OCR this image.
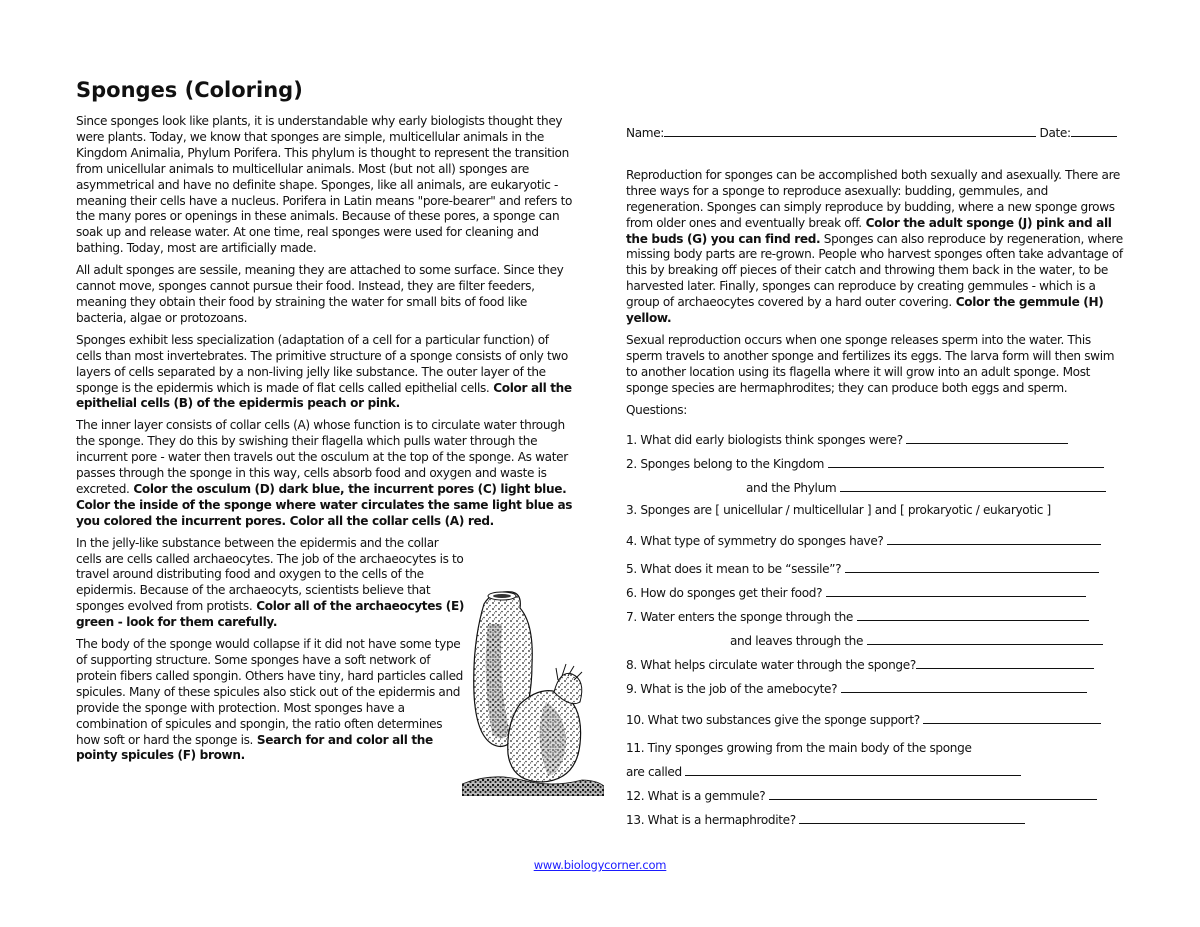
Sponges (Coloring)

Since sponges look like plants, it is understandable why early biologists thought they were plants. Today, we know that sponges are simple, multicellular animals in the Kingdom Animalia, Phylum Porifera. This phylum is thought to represent the transition from unicellular animals to multicellular animals. Most (but not all) sponges are asymmetrical and have no definite shape. Sponges, like all animals, are eukaryotic - meaning their cells have a nucleus. Porifera in Latin means "pore-bearer" and refers to the many pores or openings in these animals. Because of these pores, a sponge can soak up and release water. At one time, real sponges were used for cleaning and bathing. Today, most are artificially made.

All adult sponges are sessile, meaning they are attached to some surface. Since they cannot move, sponges cannot pursue their food. Instead, they are filter feeders, meaning they obtain their food by straining the water for small bits of food like bacteria, algae or protozoans.

Sponges exhibit less specialization (adaptation of a cell for a particular function) of cells than most invertebrates. The primitive structure of a sponge consists of only two layers of cells separated by a non-living jelly like substance. The outer layer of the sponge is the epidermis which is made of flat cells called epithelial cells. Color all the epithelial cells (B) of the epidermis peach or pink.

The inner layer consists of collar cells (A) whose function is to circulate water through the sponge. They do this by swishing their flagella which pulls water through the incurrent pore - water then travels out the osculum at the top of the sponge. As water passes through the sponge in this way, cells absorb food and oxygen and waste is excreted. Color the osculum (D) dark blue, the incurrent pores (C) light blue. Color the inside of the sponge where water circulates the same light blue as you colored the incurrent pores. Color all the collar cells (A) red.

In the jelly-like substance between the epidermis and the collar cells are cells called archaeocytes. The job of the archaeocytes is to travel around distributing food and oxygen to the cells of the epidermis. Because of the archaeocyts, scientists believe that sponges evolved from protists. Color all of the archaeocytes (E) green - look for them carefully.

The body of the sponge would collapse if it did not have some type of supporting structure. Some sponges have a soft network of protein fibers called spongin. Others have tiny, hard particles called spicules. Many of these spicules also stick out of the epidermis and provide the sponge with protection. Most sponges have a combination of spicules and spongin, the ratio often determines how soft or hard the sponge is. Search for and color all the pointy spicules (F) brown.

Name:	Date:

Reproduction for sponges can be accomplished both sexually and asexually. There are three ways for a sponge to reproduce asexually: budding, gemmules, and regeneration. Sponges can simply reproduce by budding, where a new sponge grows from older ones and eventually break off. Color the adult sponge (J) pink and all the buds (G) you can find red. Sponges can also reproduce by regeneration, where missing body parts are re-grown. People who harvest sponges often take advantage of this by breaking off pieces of their catch and throwing them back in the water, to be harvested later. Finally, sponges can reproduce by creating gemmules - which is a group of archaeocytes covered by a hard outer covering. Color the gemmule (H) yellow.

Sexual reproduction occurs when one sponge releases sperm into the water. This sperm travels to another sponge and fertilizes its eggs. The larva form will then swim to another location using its flagella where it will grow into an adult sponge. Most sponge species are hermaphrodites; they can produce both eggs and sperm.

Questions:

1. What did early biologists think sponges were?
2. Sponges belong to the Kingdom
and the Phylum
3. Sponges are [ unicellular / multicellular ] and [ prokaryotic / eukaryotic ]
4. What type of symmetry do sponges have?
5. What does it mean to be “sessile”?
6. How do sponges get their food?
7. Water enters the sponge through the
and leaves through the
8. What helps circulate water through the sponge?
9. What is the job of the amebocyte?
10. What two substances give the sponge support?
11. Tiny sponges growing from the main body of the sponge
are called
12. What is a gemmule?
13. What is a hermaphrodite?
www.biologycorner.com
